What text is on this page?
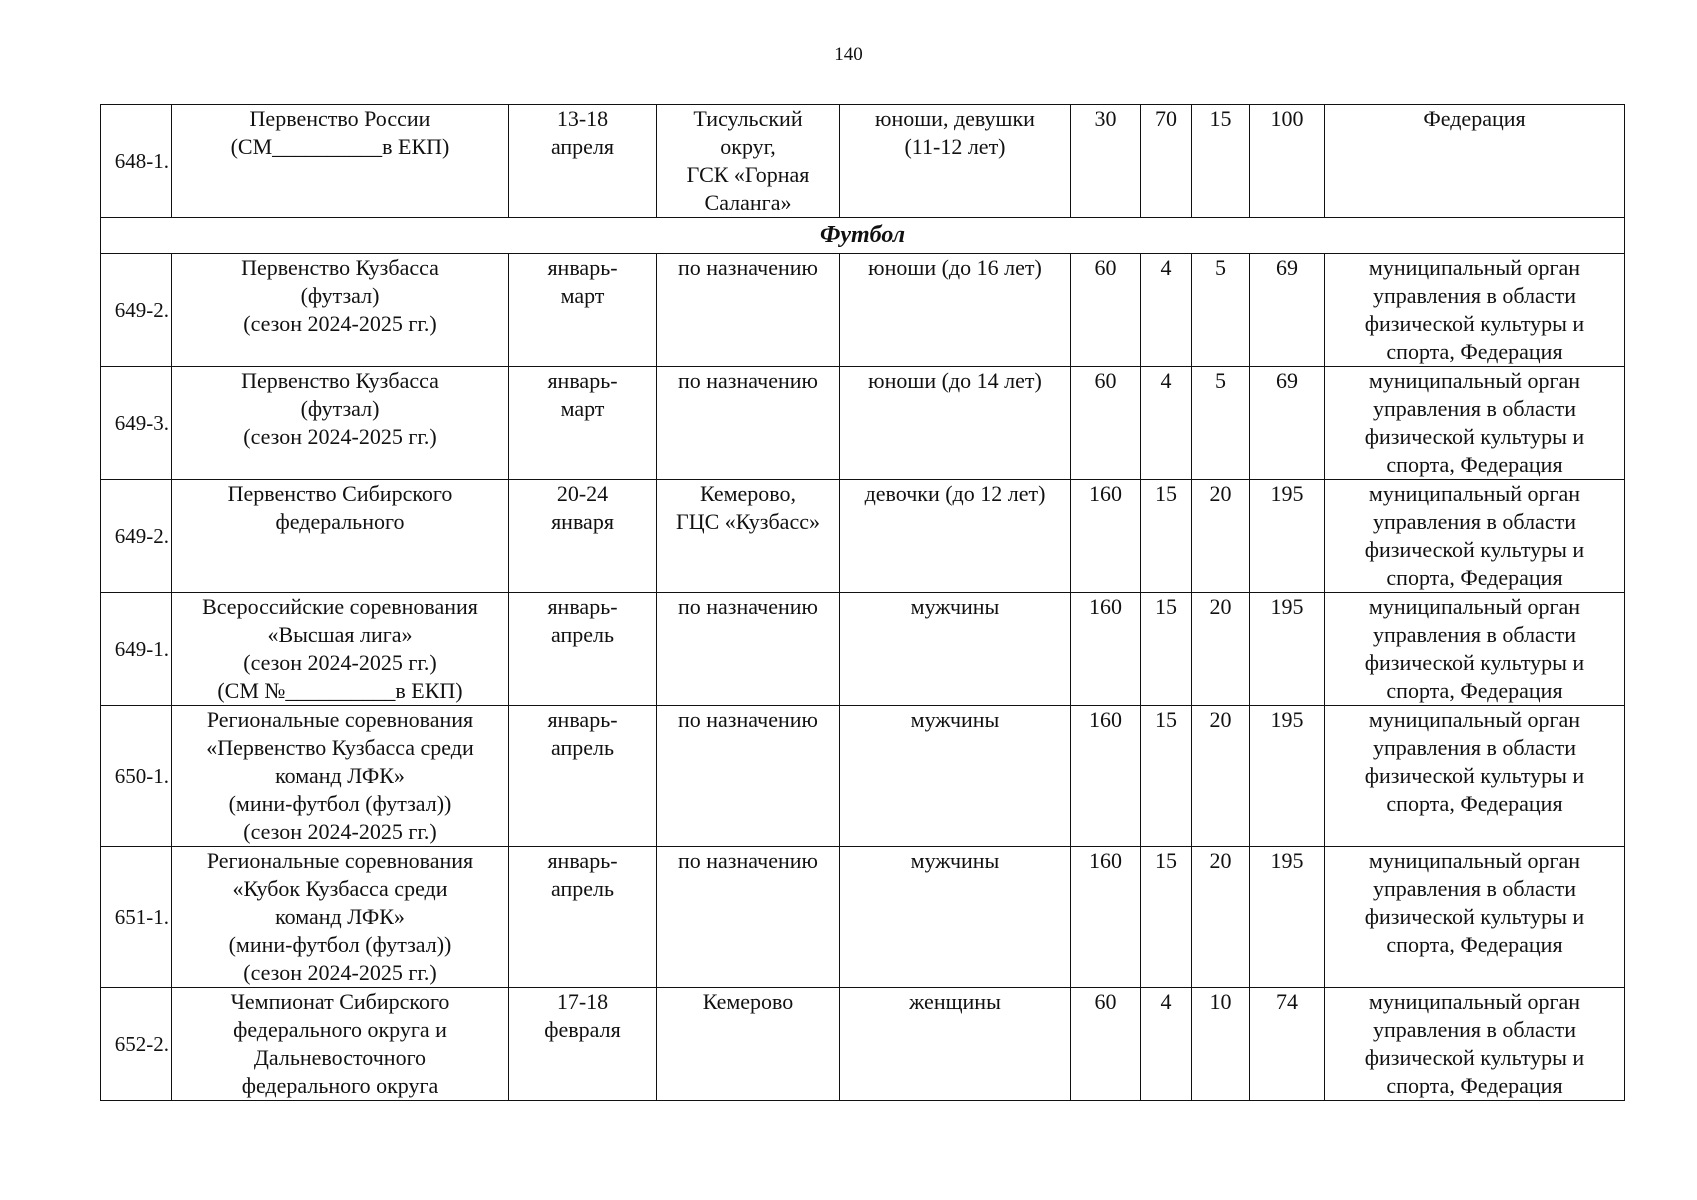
140
648-1.	Первенство России
(СМ__________в ЕКП)	13-18
апреля	Тисульский
округ,
ГСК «Горная
Саланга»	юноши, девушки
(11-12 лет)	30	70	15	100	Федерация

Футбол									
649-2.	Первенство Кузбасса
(футзал)
(сезон 2024-2025 гг.)	январь-
март	по назначению	юноши (до 16 лет)	60	4	5	69	муниципальный орган
управления в области
физической культуры и
спорта, Федерация

649-3.	Первенство Кузбасса
(футзал)
(сезон 2024-2025 гг.)	январь-
март	по назначению	юноши (до 14 лет)	60	4	5	69	муниципальный орган
управления в области
физической культуры и
спорта, Федерация

649-2.	Первенство Сибирского
федерального	20-24
января	Кемерово,
ГЦС «Кузбасс»	девочки (до 12 лет)	160	15	20	195	муниципальный орган
управления в области
физической культуры и
спорта, Федерация

649-1.	Всероссийские соревнования
«Высшая лига»
(сезон 2024-2025 гг.)
(СМ №__________в ЕКП)	январь-
апрель	по назначению	мужчины	160	15	20	195	муниципальный орган
управления в области
физической культуры и
спорта, Федерация

650-1.	Региональные соревнования
«Первенство Кузбасса среди
команд ЛФК»
(мини-футбол (футзал))
(сезон 2024-2025 гг.)	январь-
апрель	по назначению	мужчины	160	15	20	195	муниципальный орган
управления в области
физической культуры и
спорта, Федерация

651-1.	Региональные соревнования
«Кубок Кузбасса среди
команд ЛФК»
(мини-футбол (футзал))
(сезон 2024-2025 гг.)	январь-
апрель	по назначению	мужчины	160	15	20	195	муниципальный орган
управления в области
физической культуры и
спорта, Федерация

652-2.	Чемпионат Сибирского
федерального округа и
Дальневосточного
федерального округа	17-18
февраля	Кемерово	женщины	60	4	10	74	муниципальный орган
управления в области
физической культуры и
спорта, Федерация
